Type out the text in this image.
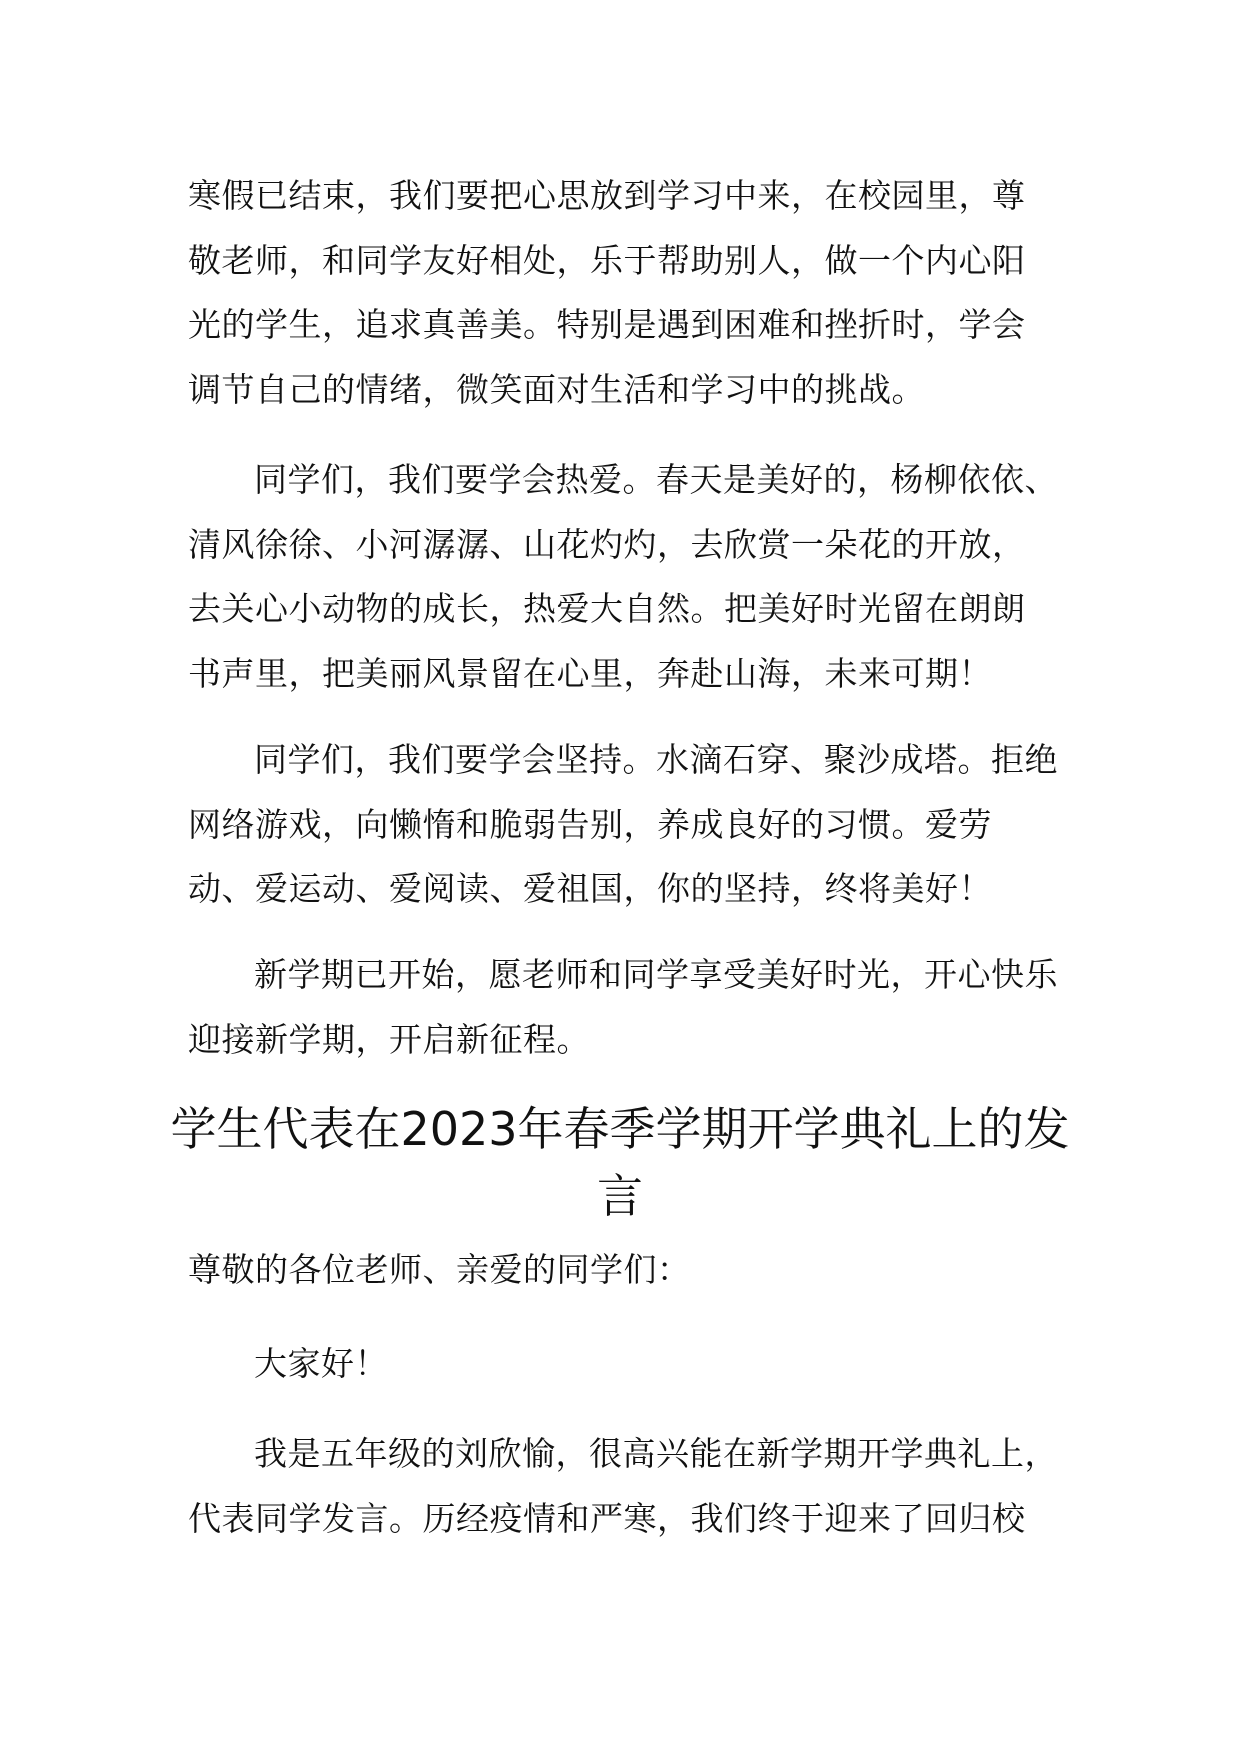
寒假已结束，我们要把心思放到学习中来，在校园里，尊敬老师，和同学友好相处，乐于帮助别人，做一个内心阳光的学生，追求真善美。特别是遇到困难和挫折时，学会调节自己的情绪，微笑面对生活和学习中的挑战。

同学们，我们要学会热爱。春天是美好的，杨柳依依、清风徐徐、小河潺潺、山花灼灼，去欣赏一朵花的开放，去关心小动物的成长，热爱大自然。把美好时光留在朗朗书声里，把美丽风景留在心里，奔赴山海，未来可期！

同学们，我们要学会坚持。水滴石穿、聚沙成塔。拒绝网络游戏，向懒惰和脆弱告别，养成良好的习惯。爱劳动、爱运动、爱阅读、爱祖国，你的坚持，终将美好！

新学期已开始，愿老师和同学享受美好时光，开心快乐迎接新学期，开启新征程。

学生代表在2023年春季学期开学典礼上的发言

尊敬的各位老师、亲爱的同学们：

大家好！

我是五年级的刘欣愉，很高兴能在新学期开学典礼上，代表同学发言。历经疫情和严寒，我们终于迎来了回归校
